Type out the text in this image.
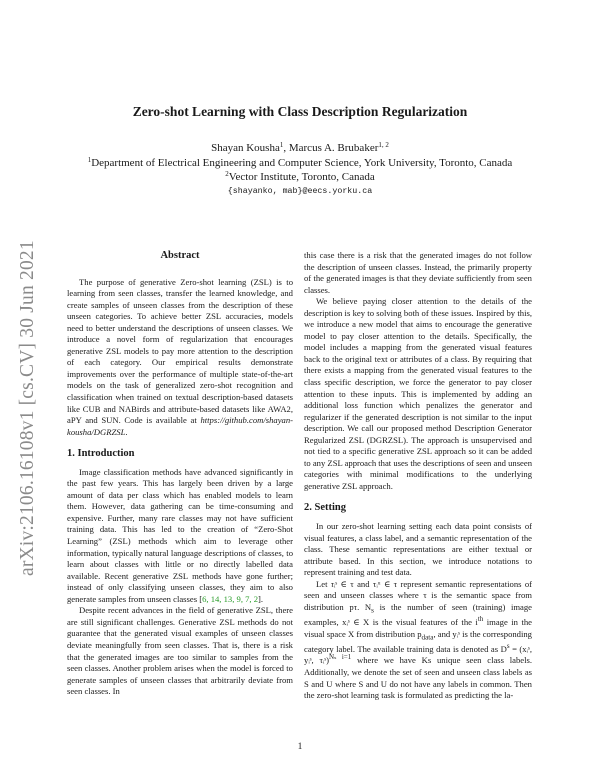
arXiv:2106.16108v1 [cs.CV] 30 Jun 2021
Zero-shot Learning with Class Description Regularization
Shayan Kousha$^1$, Marcus A. Brubaker$^{1, 2}$
$^1$Department of Electrical Engineering and Computer Science, York University, Toronto, Canada
$^2$Vector Institute, Toronto, Canada
{shayanko, mab}@eecs.yorku.ca
Abstract

The purpose of generative Zero-shot learning (ZSL) is to learning from seen classes, transfer the learned knowledge, and create samples of unseen classes from the description of these unseen categories. To achieve better ZSL accuracies, models need to better understand the descriptions of unseen classes. We introduce a novel form of regularization that encourages generative ZSL models to pay more attention to the description of each category. Our empirical results demonstrate improvements over the performance of multiple state-of-the-art models on the task of generalized zero-shot recognition and classification when trained on textual description-based datasets like CUB and NABirds and attribute-based datasets like AWA2, aPY and SUN. Code is available at https://github.com/shayan-kousha/DGRZSL.

1. Introduction

Image classification methods have advanced significantly in the past few years. This has largely been driven by a large amount of data per class which has enabled models to learn them. However, data gathering can be time-consuming and expensive. Further, many rare classes may not have sufficient training data. This has led to the creation of “Zero-Shot Learning” (ZSL) methods which aim to leverage other information, typically natural language descriptions of classes, to learn about classes with little or no directly labelled data available. Recent generative ZSL methods have gone further; instead of only classifying unseen classes, they aim to also generate samples from unseen classes [6, 14, 13, 9, 7, 2].

Despite recent advances in the field of generative ZSL, there are still significant challenges. Generative ZSL methods do not guarantee that the generated visual examples of unseen classes deviate meaningfully from seen classes. That is, there is a risk that the generated images are too similar to samples from the seen classes. Another problem arises when the model is forced to generate samples of unseen classes that arbitrarily deviate from seen classes. In

this case there is a risk that the generated images do not follow the description of unseen classes. Instead, the primarily property of the generated images is that they deviate sufficiently from seen classes.

We believe paying closer attention to the details of the description is key to solving both of these issues. Inspired by this, we introduce a new model that aims to encourage the generative model to pay closer attention to the details. Specifically, the model includes a mapping from the generated visual features back to the original text or attributes of a class. By requiring that there exists a mapping from the generated visual features to the class specific description, we force the generator to pay closer attention to these inputs. This is implemented by adding an additional loss function which penalizes the generator and regularizer if the generated description is not similar to the input description. We call our proposed method Description Generator Regularized ZSL (DGRZSL). The approach is unsupervised and not tied to a specific generative ZSL approach so it can be added to any ZSL approach that uses the descriptions of seen and unseen categories with minimal modifications to the underlying generative ZSL approach.

2. Setting

In our zero-shot learning setting each data point consists of visual features, a class label, and a semantic representation of the class. These semantic representations are either textual or attribute based. In this section, we introduce notations to represent training and test data.

Let τᵢˢ ∈ τ and τᵢᵘ ∈ τ represent semantic representations of seen and unseen classes where τ is the semantic space from distribution pτ. $N_s$ is the number of seen (training) image examples, xᵢˢ ∈ X is the visual features of the $i^{th}$ image in the visual space X from distribution $p_{data}$, and yᵢˢ is the corresponding category label. The available training data is denoted as $D^s$ = (xᵢˢ, yᵢˢ, τᵢˢ)$^{N_s i=1}$ where we have Ks unique seen class labels. Additionally, we denote the set of seen and unseen class labels as S and U where S and U do not have any labels in common. Then the zero-shot learning task is formulated as predicting the la-

1
